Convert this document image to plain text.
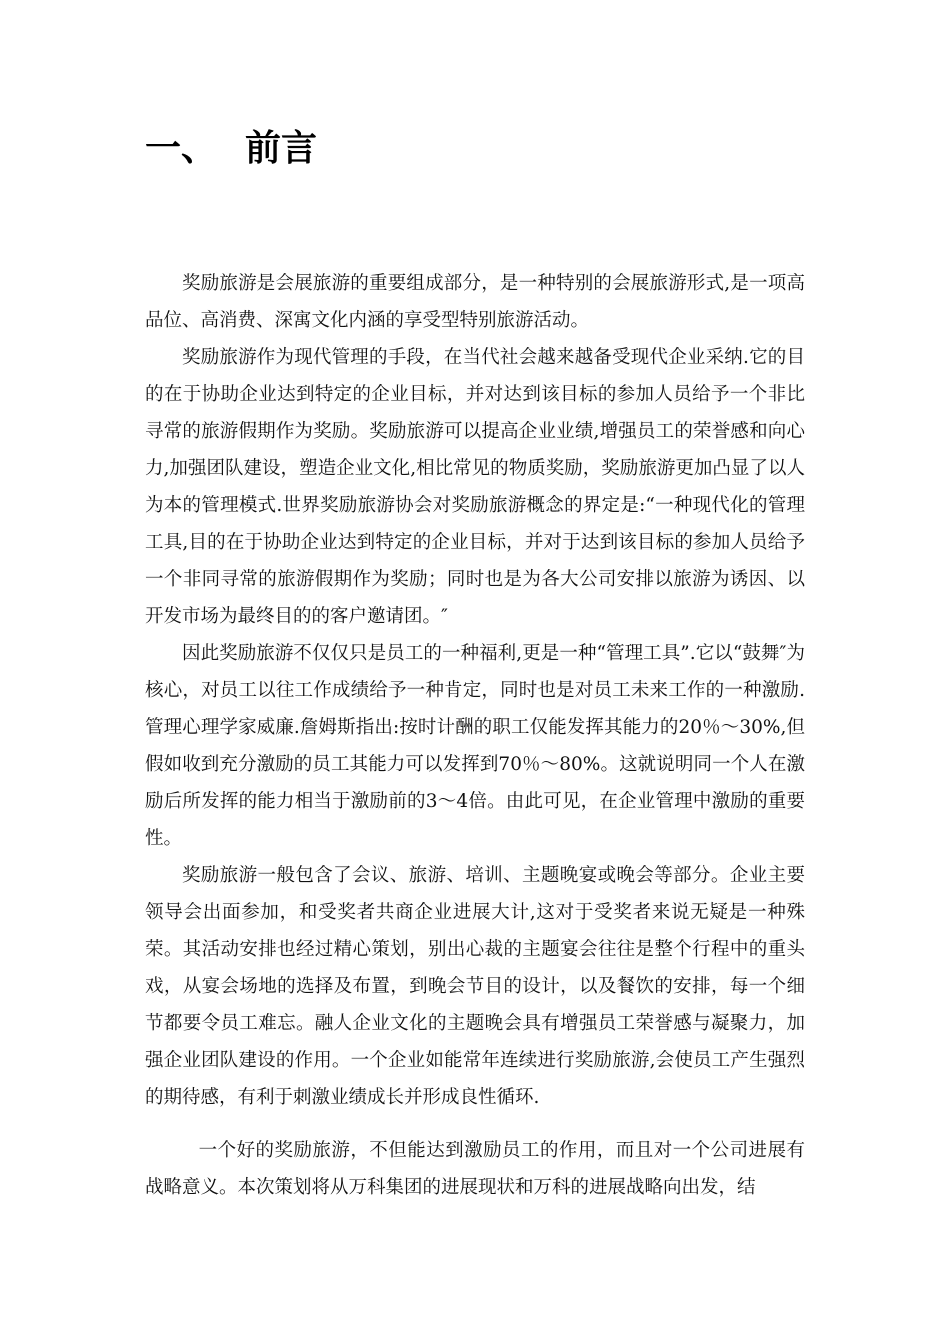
一、 前言

奖励旅游是会展旅游的重要组成部分，是一种特别的会展旅游形式,是一项高品位、高消费、深寓文化内涵的享受型特别旅游活动。

奖励旅游作为现代管理的手段，在当代社会越来越备受现代企业采纳.它的目的在于协助企业达到特定的企业目标，并对达到该目标的参加人员给予一个非比寻常的旅游假期作为奖励。奖励旅游可以提高企业业绩,增强员工的荣誉感和向心力,加强团队建设，塑造企业文化,相比常见的物质奖励，奖励旅游更加凸显了以人为本的管理模式.世界奖励旅游协会对奖励旅游概念的界定是:“一种现代化的管理工具,目的在于协助企业达到特定的企业目标，并对于达到该目标的参加人员给予一个非同寻常的旅游假期作为奖励；同时也是为各大公司安排以旅游为诱因、以开发市场为最终目的的客户邀请团。″

因此奖励旅游不仅仅只是员工的一种福利,更是一种“管理工具”.它以“鼓舞″为核心，对员工以往工作成绩给予一种肯定，同时也是对员工未来工作的一种激励.管理心理学家威廉.詹姆斯指出:按时计酬的职工仅能发挥其能力的20％～30%,但假如收到充分激励的员工其能力可以发挥到70％～80%。这就说明同一个人在激励后所发挥的能力相当于激励前的3～4倍。由此可见，在企业管理中激励的重要性。

奖励旅游一般包含了会议、旅游、培训、主题晚宴或晚会等部分。企业主要领导会出面参加，和受奖者共商企业进展大计,这对于受奖者来说无疑是一种殊荣。其活动安排也经过精心策划，别出心裁的主题宴会往往是整个行程中的重头戏，从宴会场地的选择及布置，到晚会节目的设计，以及餐饮的安排，每一个细节都要令员工难忘。融人企业文化的主题晚会具有增强员工荣誉感与凝聚力，加强企业团队建设的作用。一个企业如能常年连续进行奖励旅游,会使员工产生强烈的期待感，有利于刺激业绩成长并形成良性循环.

一个好的奖励旅游，不但能达到激励员工的作用，而且对一个公司进展有战略意义。本次策划将从万科集团的进展现状和万科的进展战略向出发，结
